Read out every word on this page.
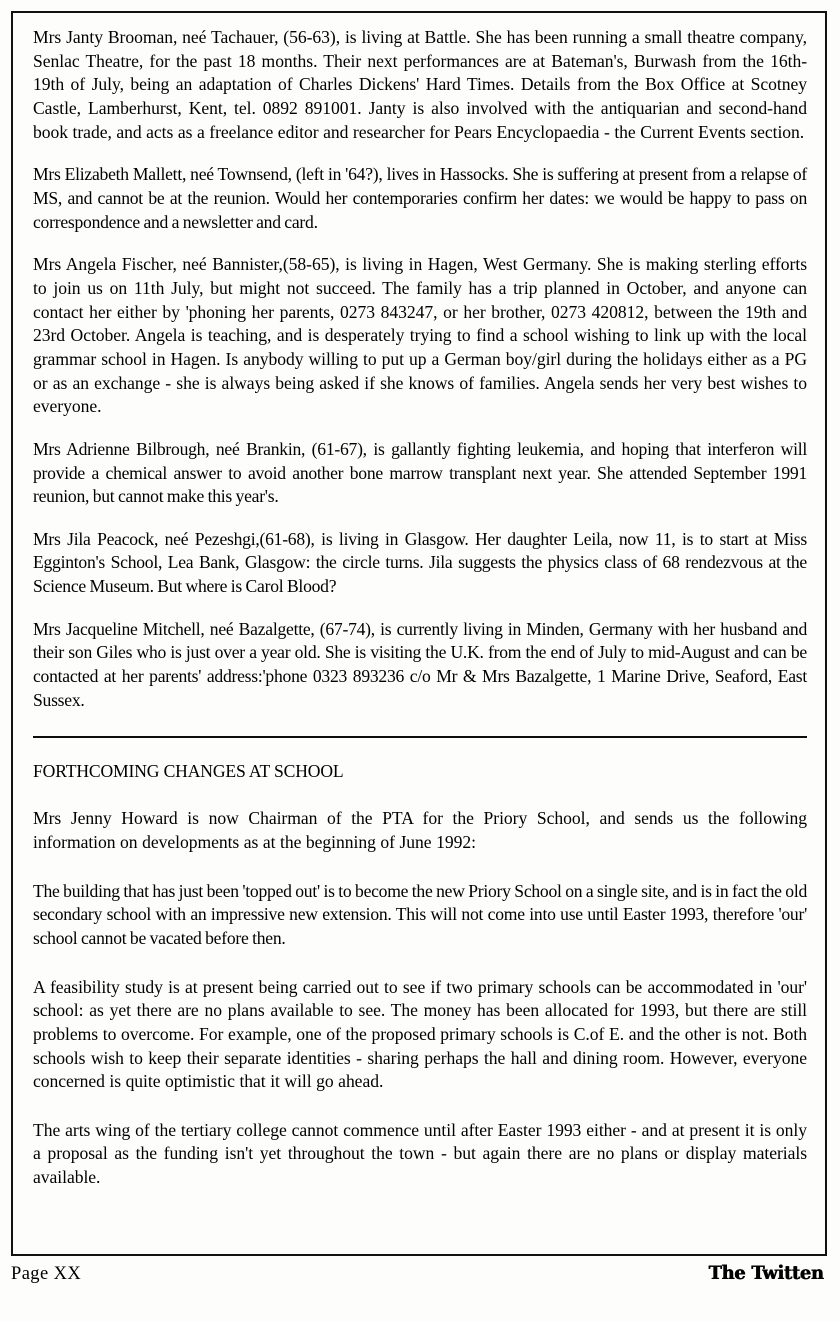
Mrs Janty Brooman, neé Tachauer, (56-63), is living at Battle. She has been running a small theatre company, Senlac Theatre, for the past 18 months. Their next performances are at Bateman's, Burwash from the 16th-19th of July, being an adaptation of Charles Dickens' Hard Times. Details from the Box Office at Scotney Castle, Lamberhurst, Kent, tel. 0892 891001. Janty is also involved with the antiquarian and second-hand book trade, and acts as a freelance editor and researcher for Pears Encyclopaedia - the Current Events section.

Mrs Elizabeth Mallett, neé Townsend, (left in '64?), lives in Hassocks. She is suffering at present from a relapse of MS, and cannot be at the reunion. Would her contemporaries confirm her dates: we would be happy to pass on correspondence and a newsletter and card.

Mrs Angela Fischer, neé Bannister,(58-65), is living in Hagen, West Germany. She is making sterling efforts to join us on 11th July, but might not succeed. The family has a trip planned in October, and anyone can contact her either by 'phoning her parents, 0273 843247, or her brother, 0273 420812, between the 19th and 23rd October. Angela is teaching, and is desperately trying to find a school wishing to link up with the local grammar school in Hagen. Is anybody willing to put up a German boy/girl during the holidays either as a PG or as an exchange - she is always being asked if she knows of families. Angela sends her very best wishes to everyone.

Mrs Adrienne Bilbrough, neé Brankin, (61-67), is gallantly fighting leukemia, and hoping that interferon will provide a chemical answer to avoid another bone marrow transplant next year. She attended September 1991 reunion, but cannot make this year's.

Mrs Jila Peacock, neé Pezeshgi,(61-68), is living in Glasgow. Her daughter Leila, now 11, is to start at Miss Egginton's School, Lea Bank, Glasgow: the circle turns. Jila suggests the physics class of 68 rendezvous at the Science Museum. But where is Carol Blood?

Mrs Jacqueline Mitchell, neé Bazalgette, (67-74), is currently living in Minden, Germany with her husband and their son Giles who is just over a year old. She is visiting the U.K. from the end of July to mid-August and can be contacted at her parents' address:'phone 0323 893236 c/o Mr & Mrs Bazalgette, 1 Marine Drive, Seaford, East Sussex.

FORTHCOMING CHANGES AT SCHOOL

Mrs Jenny Howard is now Chairman of the PTA for the Priory School, and sends us the following information on developments as at the beginning of June 1992:

The building that has just been 'topped out' is to become the new Priory School on a single site, and is in fact the old secondary school with an impressive new extension. This will not come into use until Easter 1993, therefore 'our' school cannot be vacated before then.

A feasibility study is at present being carried out to see if two primary schools can be accommodated in 'our' school: as yet there are no plans available to see. The money has been allocated for 1993, but there are still problems to overcome. For example, one of the proposed primary schools is C.of E. and the other is not. Both schools wish to keep their separate identities - sharing perhaps the hall and dining room. However, everyone concerned is quite optimistic that it will go ahead.

The arts wing of the tertiary college cannot commence until after Easter 1993 either - and at present it is only a proposal as the funding isn't yet throughout the town - but again there are no plans or display materials available.

Page XX	The Twitten
